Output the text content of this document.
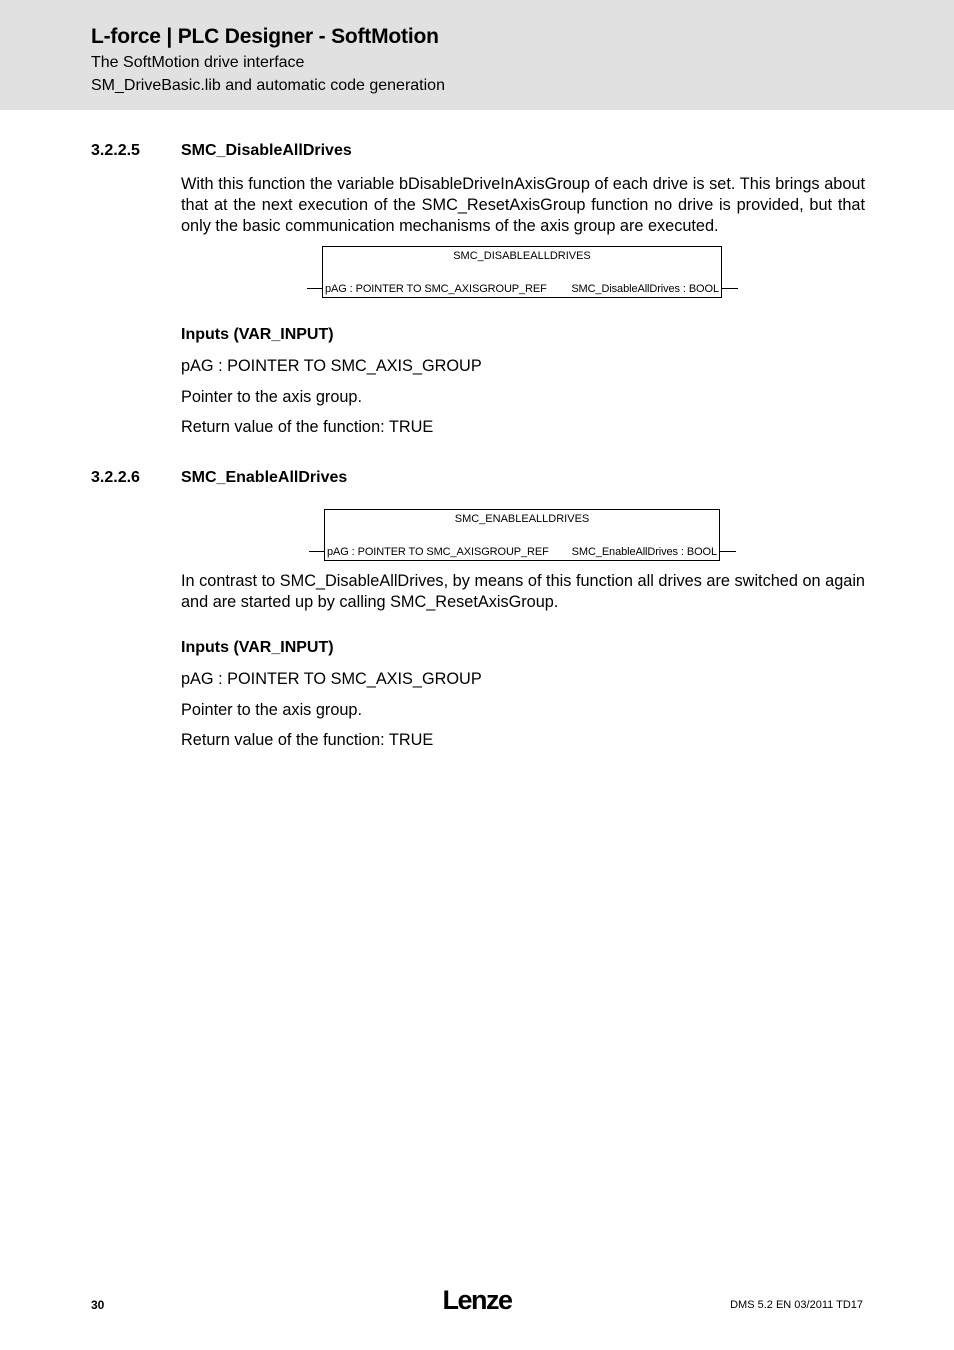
L-force | PLC Designer - SoftMotion
The SoftMotion drive interface
SM_DriveBasic.lib and automatic code generation
3.2.2.5	SMC_DisableAllDrives
With this function the variable bDisableDriveInAxisGroup of each drive is set. This brings about that at the next execution of the SMC_ResetAxisGroup function no drive is provided, but that only the basic communication mechanisms of the axis group are executed.
SMC_DISABLEALLDRIVES
pAG : POINTER TO SMC_AXISGROUP_REF SMC_DisableAllDrives : BOOL
Inputs (VAR_INPUT)
pAG : POINTER TO SMC_AXIS_GROUP
Pointer to the axis group.
Return value of the function: TRUE
3.2.2.6	SMC_EnableAllDrives
SMC_ENABLEALLDRIVES
pAG : POINTER TO SMC_AXISGROUP_REF SMC_EnableAllDrives : BOOL
In contrast to SMC_DisableAllDrives, by means of this function all drives are switched on again and are started up by calling SMC_ResetAxisGroup.
Inputs (VAR_INPUT)
pAG : POINTER TO SMC_AXIS_GROUP
Pointer to the axis group.
Return value of the function: TRUE
30	Lenze	DMS 5.2 EN 03/2011 TD17
